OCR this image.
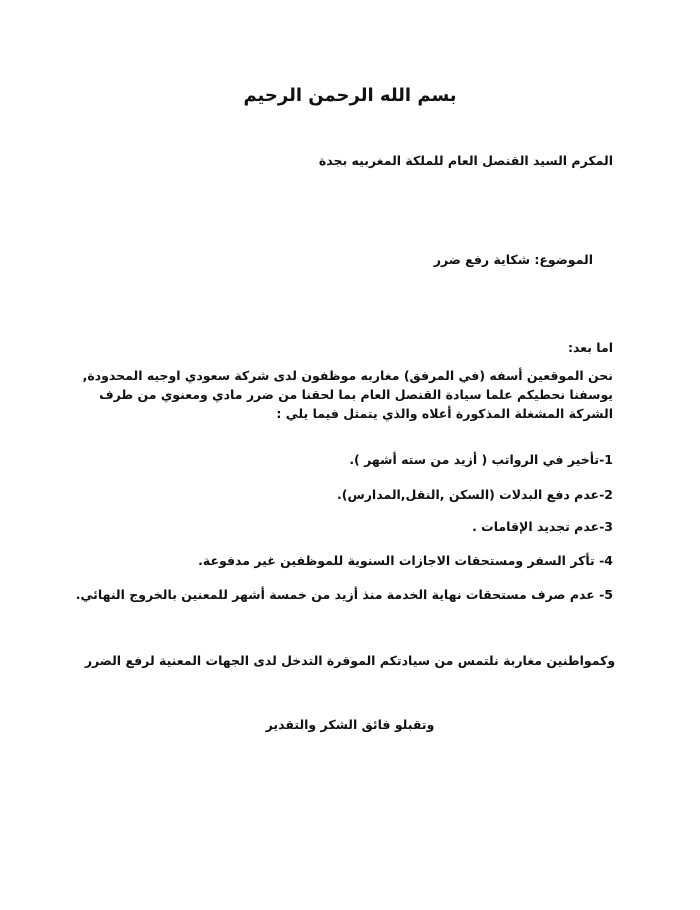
بسم الله الرحمن الرحيم
المكرم السيد القنصل العام للملكة المغربيه بجدة
الموضوع: شكاية رفع ضرر
اما بعد:
نحن الموقعين أسفه (في المرفق) مغاربه موظفون لدى شركة سعودي اوجيه المحدودة,
يوسفنا نحطيكم علما سيادة القنصل العام بما لحقنا من ضرر مادي ومعنوي من طرف
الشركة المشغلة المذكورة أعلاه والذي يتمثل فيما يلي :
1-تأخير في الرواتب ( أزيد من سته أشهر ).
2-عدم دفع البدلات (السكن ,النقل,المدارس).
3-عدم تجديد الإقامات .
4- تأكر السفر ومستحقات الاجازات السنوية للموظفين غير مدفوعة.
5- عدم صرف مستحقات نهاية الخدمة منذ أزيد من خمسة أشهر للمعنين بالخروج النهائي.
وكمواطنين مغاربة نلتمس من سيادتكم الموقرة التدخل لدى الجهات المعنية لرفع الضرر
وتقبلو فائق الشكر والتقدير
